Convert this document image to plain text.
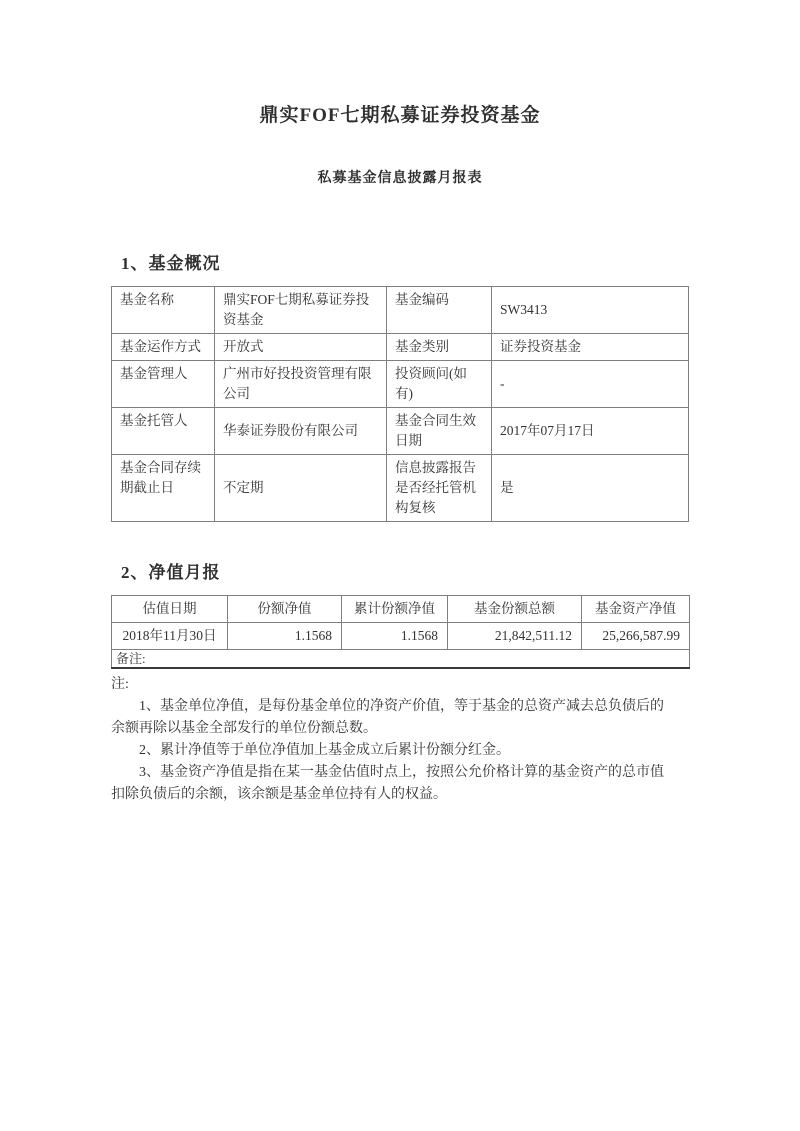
鼎实FOF七期私募证券投资基金
私募基金信息披露月报表
1、基金概况
基金名称	鼎实FOF七期私募证券投资基金	基金编码	SW3413
基金运作方式	开放式	基金类别	证券投资基金
基金管理人	广州市好投投资管理有限公司	投资顾问(如有)	-
基金托管人	华泰证券股份有限公司	基金合同生效日期	2017年07月17日
基金合同存续期截止日	不定期	信息披露报告是否经托管机构复核	是
2、净值月报
估值日期	份额净值	累计份额净值	基金份额总额	基金资产净值
2018年11月30日	1.1568	1.1568	21,842,511.12	25,266,587.99
备注:				

注:

1、基金单位净值，是每份基金单位的净资产价值，等于基金的总资产减去总负债后的余额再除以基金全部发行的单位份额总数。

2、累计净值等于单位净值加上基金成立后累计份额分红金。

3、基金资产净值是指在某一基金估值时点上，按照公允价格计算的基金资产的总市值扣除负债后的余额，该余额是基金单位持有人的权益。
